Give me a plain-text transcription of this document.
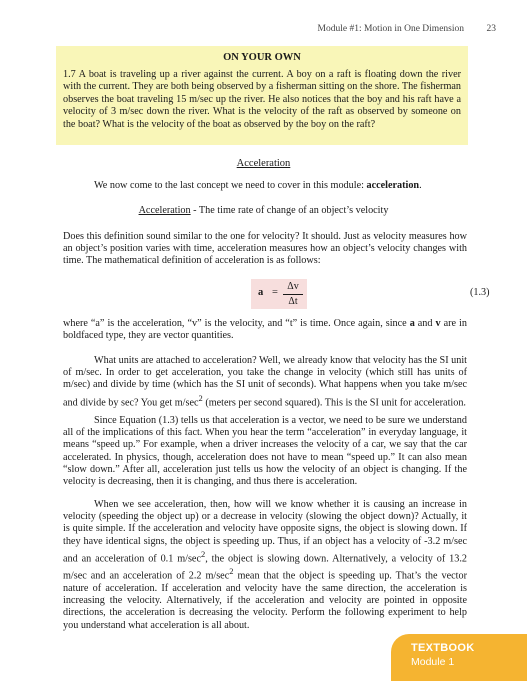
Module #1: Motion in One Dimension 23
ON YOUR OWN

1.7 A boat is traveling up a river against the current. A boy on a raft is floating down the river with the current. They are both being observed by a fisherman sitting on the shore. The fisherman observes the boat traveling 15 m/sec up the river. He also notices that the boy and his raft have a velocity of 3 m/sec down the river. What is the velocity of the raft as observed by someone on the boat? What is the velocity of the boat as observed by the boy on the raft?

Acceleration

We now come to the last concept we need to cover in this module: acceleration.

Acceleration - The time rate of change of an object’s velocity

Does this definition sound similar to the one for velocity? It should. Just as velocity measures how an object’s position varies with time, acceleration measures how an object’s velocity changes with time. The mathematical definition of acceleration is as follows:

a =
Δv
Δt
(1.3)

where “a” is the acceleration, “v” is the velocity, and “t” is time. Once again, since a and v are in boldfaced type, they are vector quantities.

What units are attached to acceleration? Well, we already know that velocity has the SI unit of m/sec. In order to get acceleration, you take the change in velocity (which still has units of m/sec) and divide by time (which has the SI unit of seconds). What happens when you take m/sec and divide by sec? You get $m/\sec^2$ (meters per second squared). This is the SI unit for acceleration.

Since Equation (1.3) tells us that acceleration is a vector, we need to be sure we understand all of the implications of this fact. When you hear the term “acceleration” in everyday language, it means “speed up.” For example, when a driver increases the velocity of a car, we say that the car accelerated. In physics, though, acceleration does not have to mean “speed up.” It can also mean “slow down.” After all, acceleration just tells us how the velocity of an object is changing. If the velocity is decreasing, then it is changing, and thus there is acceleration.

When we see acceleration, then, how will we know whether it is causing an increase in velocity (speeding the object up) or a decrease in velocity (slowing the object down)? Actually, it is quite simple. If the acceleration and velocity have opposite signs, the object is slowing down. If they have identical signs, the object is speeding up. Thus, if an object has a velocity of -3.2 m/sec and an acceleration of 0.1 $m/\sec^2$, the object is slowing down. Alternatively, a velocity of 13.2 m/sec and an acceleration of 2.2 $m/\sec^2$ mean that the object is speeding up. That’s the vector nature of acceleration. If acceleration and velocity have the same direction, the acceleration is increasing the velocity. Alternatively, if the acceleration and velocity are pointed in opposite directions, the acceleration is decreasing the velocity. Perform the following experiment to help you understand what acceleration is all about.

TEXTBOOK
Module 1
